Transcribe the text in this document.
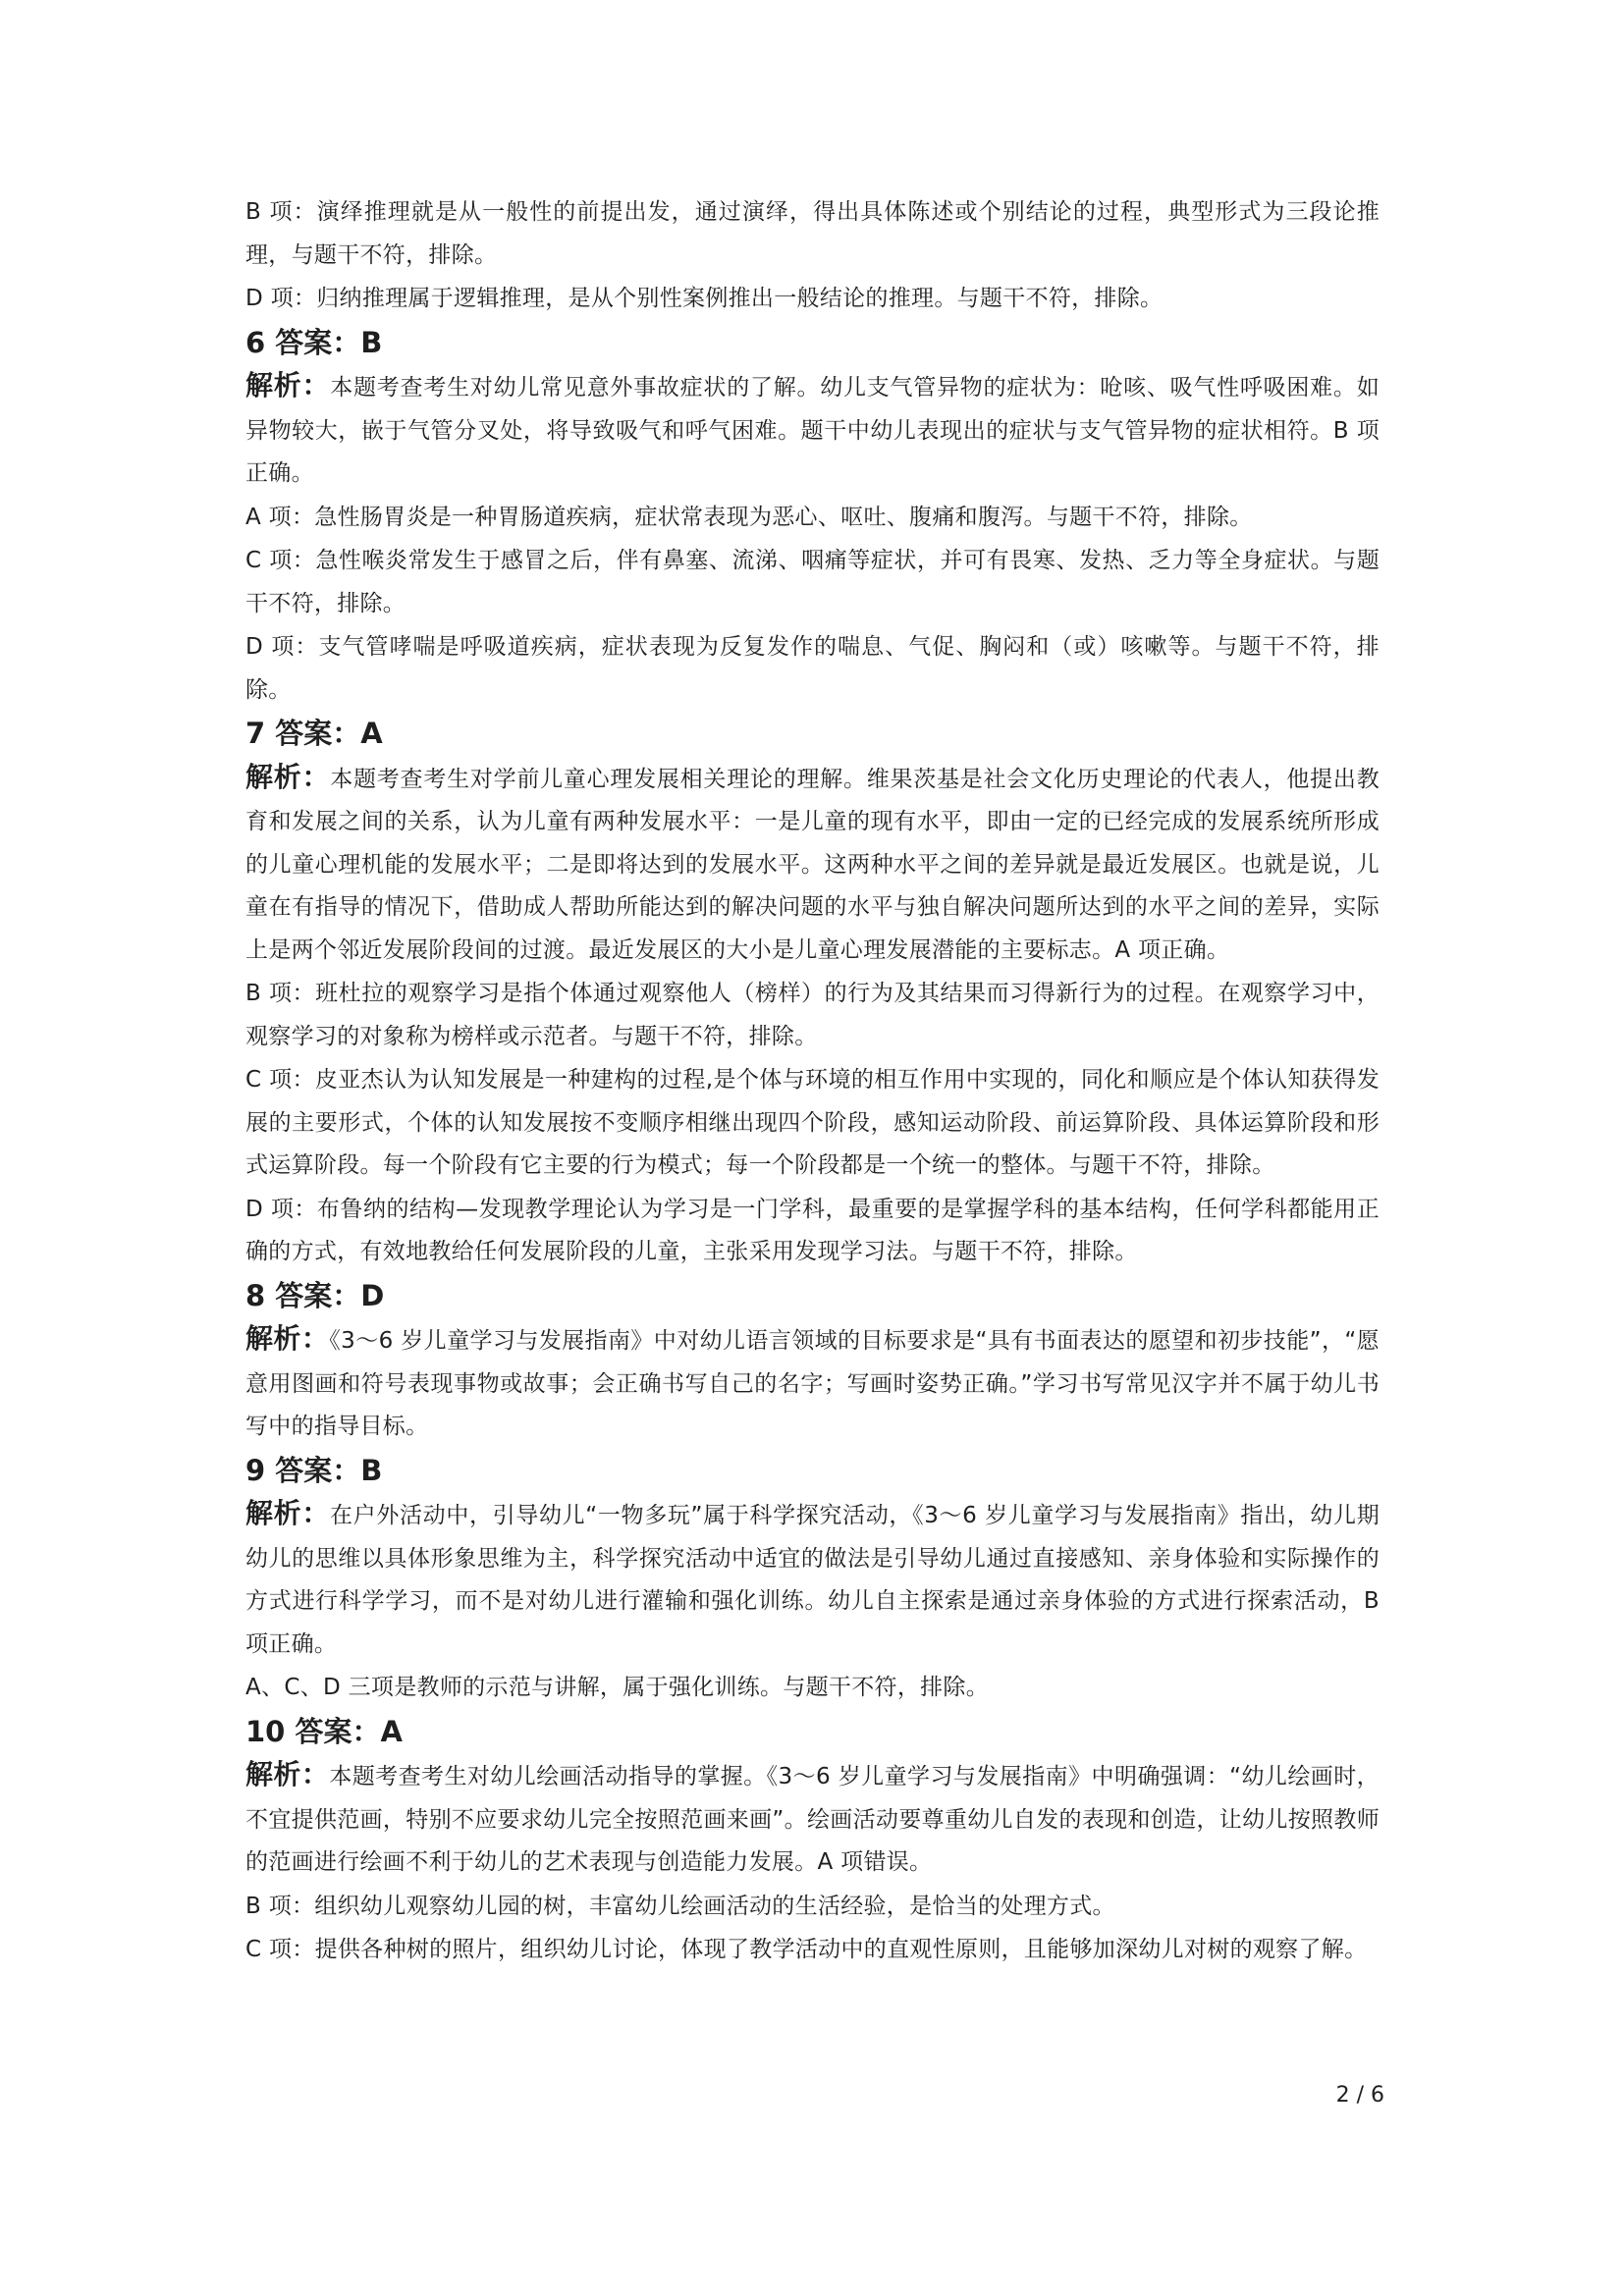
B 项：演绎推理就是从一般性的前提出发，通过演绎，得出具体陈述或个别结论的过程，典型形式为三段论推理，与题干不符，排除。

D 项：归纳推理属于逻辑推理，是从个别性案例推出一般结论的推理。与题干不符，排除。

6 答案：B

解析：本题考查考生对幼儿常见意外事故症状的了解。幼儿支气管异物的症状为：呛咳、吸气性呼吸困难。如异物较大，嵌于气管分叉处，将导致吸气和呼气困难。题干中幼儿表现出的症状与支气管异物的症状相符。B 项正确。

A 项：急性肠胃炎是一种胃肠道疾病，症状常表现为恶心、呕吐、腹痛和腹泻。与题干不符，排除。

C 项：急性喉炎常发生于感冒之后，伴有鼻塞、流涕、咽痛等症状，并可有畏寒、发热、乏力等全身症状。与题干不符，排除。

D 项：支气管哮喘是呼吸道疾病，症状表现为反复发作的喘息、气促、胸闷和（或）咳嗽等。与题干不符，排除。

7 答案：A

解析：本题考查考生对学前儿童心理发展相关理论的理解。维果茨基是社会文化历史理论的代表人，他提出教育和发展之间的关系，认为儿童有两种发展水平：一是儿童的现有水平，即由一定的已经完成的发展系统所形成的儿童心理机能的发展水平；二是即将达到的发展水平。这两种水平之间的差异就是最近发展区。也就是说，儿童在有指导的情况下，借助成人帮助所能达到的解决问题的水平与独自解决问题所达到的水平之间的差异，实际上是两个邻近发展阶段间的过渡。最近发展区的大小是儿童心理发展潜能的主要标志。A 项正确。

B 项：班杜拉的观察学习是指个体通过观察他人（榜样）的行为及其结果而习得新行为的过程。在观察学习中，观察学习的对象称为榜样或示范者。与题干不符，排除。

C 项：皮亚杰认为认知发展是一种建构的过程,是个体与环境的相互作用中实现的，同化和顺应是个体认知获得发展的主要形式，个体的认知发展按不变顺序相继出现四个阶段，感知运动阶段、前运算阶段、具体运算阶段和形式运算阶段。每一个阶段有它主要的行为模式；每一个阶段都是一个统一的整体。与题干不符，排除。

D 项：布鲁纳的结构—发现教学理论认为学习是一门学科，最重要的是掌握学科的基本结构，任何学科都能用正确的方式，有效地教给任何发展阶段的儿童，主张采用发现学习法。与题干不符，排除。

8 答案：D

解析：《3～6 岁儿童学习与发展指南》中对幼儿语言领域的目标要求是“具有书面表达的愿望和初步技能”，“愿意用图画和符号表现事物或故事；会正确书写自己的名字；写画时姿势正确。”学习书写常见汉字并不属于幼儿书写中的指导目标。

9 答案：B

解析：在户外活动中，引导幼儿“一物多玩”属于科学探究活动，《3～6 岁儿童学习与发展指南》指出，幼儿期幼儿的思维以具体形象思维为主，科学探究活动中适宜的做法是引导幼儿通过直接感知、亲身体验和实际操作的方式进行科学学习，而不是对幼儿进行灌输和强化训练。幼儿自主探索是通过亲身体验的方式进行探索活动，B 项正确。

A、C、D 三项是教师的示范与讲解，属于强化训练。与题干不符，排除。

10 答案：A

解析：本题考查考生对幼儿绘画活动指导的掌握。《3～6 岁儿童学习与发展指南》中明确强调：“幼儿绘画时，不宜提供范画，特别不应要求幼儿完全按照范画来画”。绘画活动要尊重幼儿自发的表现和创造，让幼儿按照教师的范画进行绘画不利于幼儿的艺术表现与创造能力发展。A 项错误。

B 项：组织幼儿观察幼儿园的树，丰富幼儿绘画活动的生活经验，是恰当的处理方式。

C 项：提供各种树的照片，组织幼儿讨论，体现了教学活动中的直观性原则，且能够加深幼儿对树的观察了解。

2 / 6
